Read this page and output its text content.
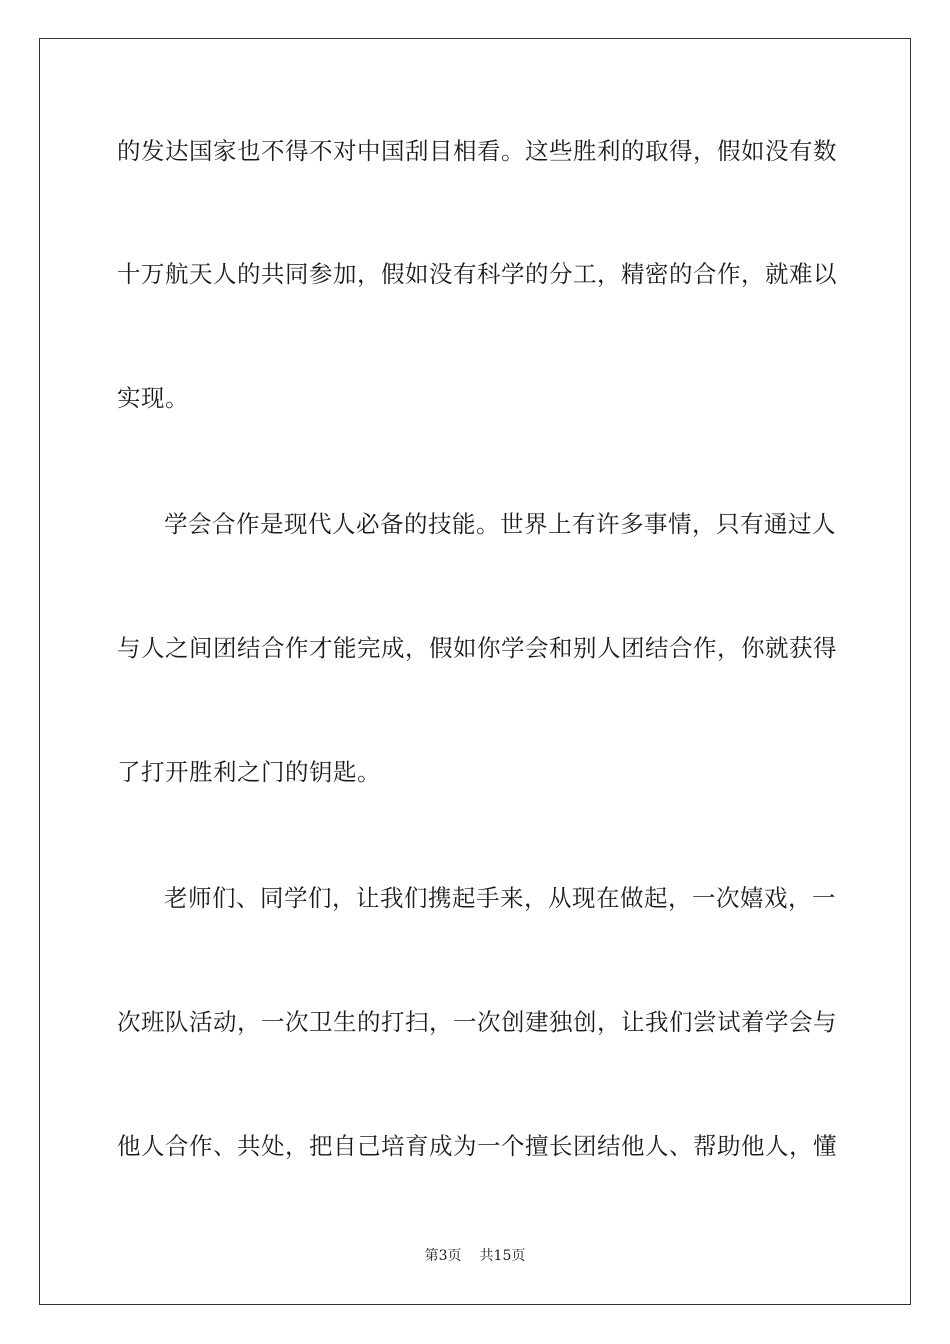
的发达国家也不得不对中国刮目相看。这些胜利的取得，假如没有数
十万航天人的共同参加，假如没有科学的分工，精密的合作，就难以
实现。
学会合作是现代人必备的技能。世界上有许多事情，只有通过人
与人之间团结合作才能完成，假如你学会和别人团结合作，你就获得
了打开胜利之门的钥匙。
老师们、同学们，让我们携起手来，从现在做起，一次嬉戏，一
次班队活动，一次卫生的打扫，一次创建独创，让我们尝试着学会与
他人合作、共处，把自己培育成为一个擅长团结他人、帮助他人，懂
第3页 共15页
